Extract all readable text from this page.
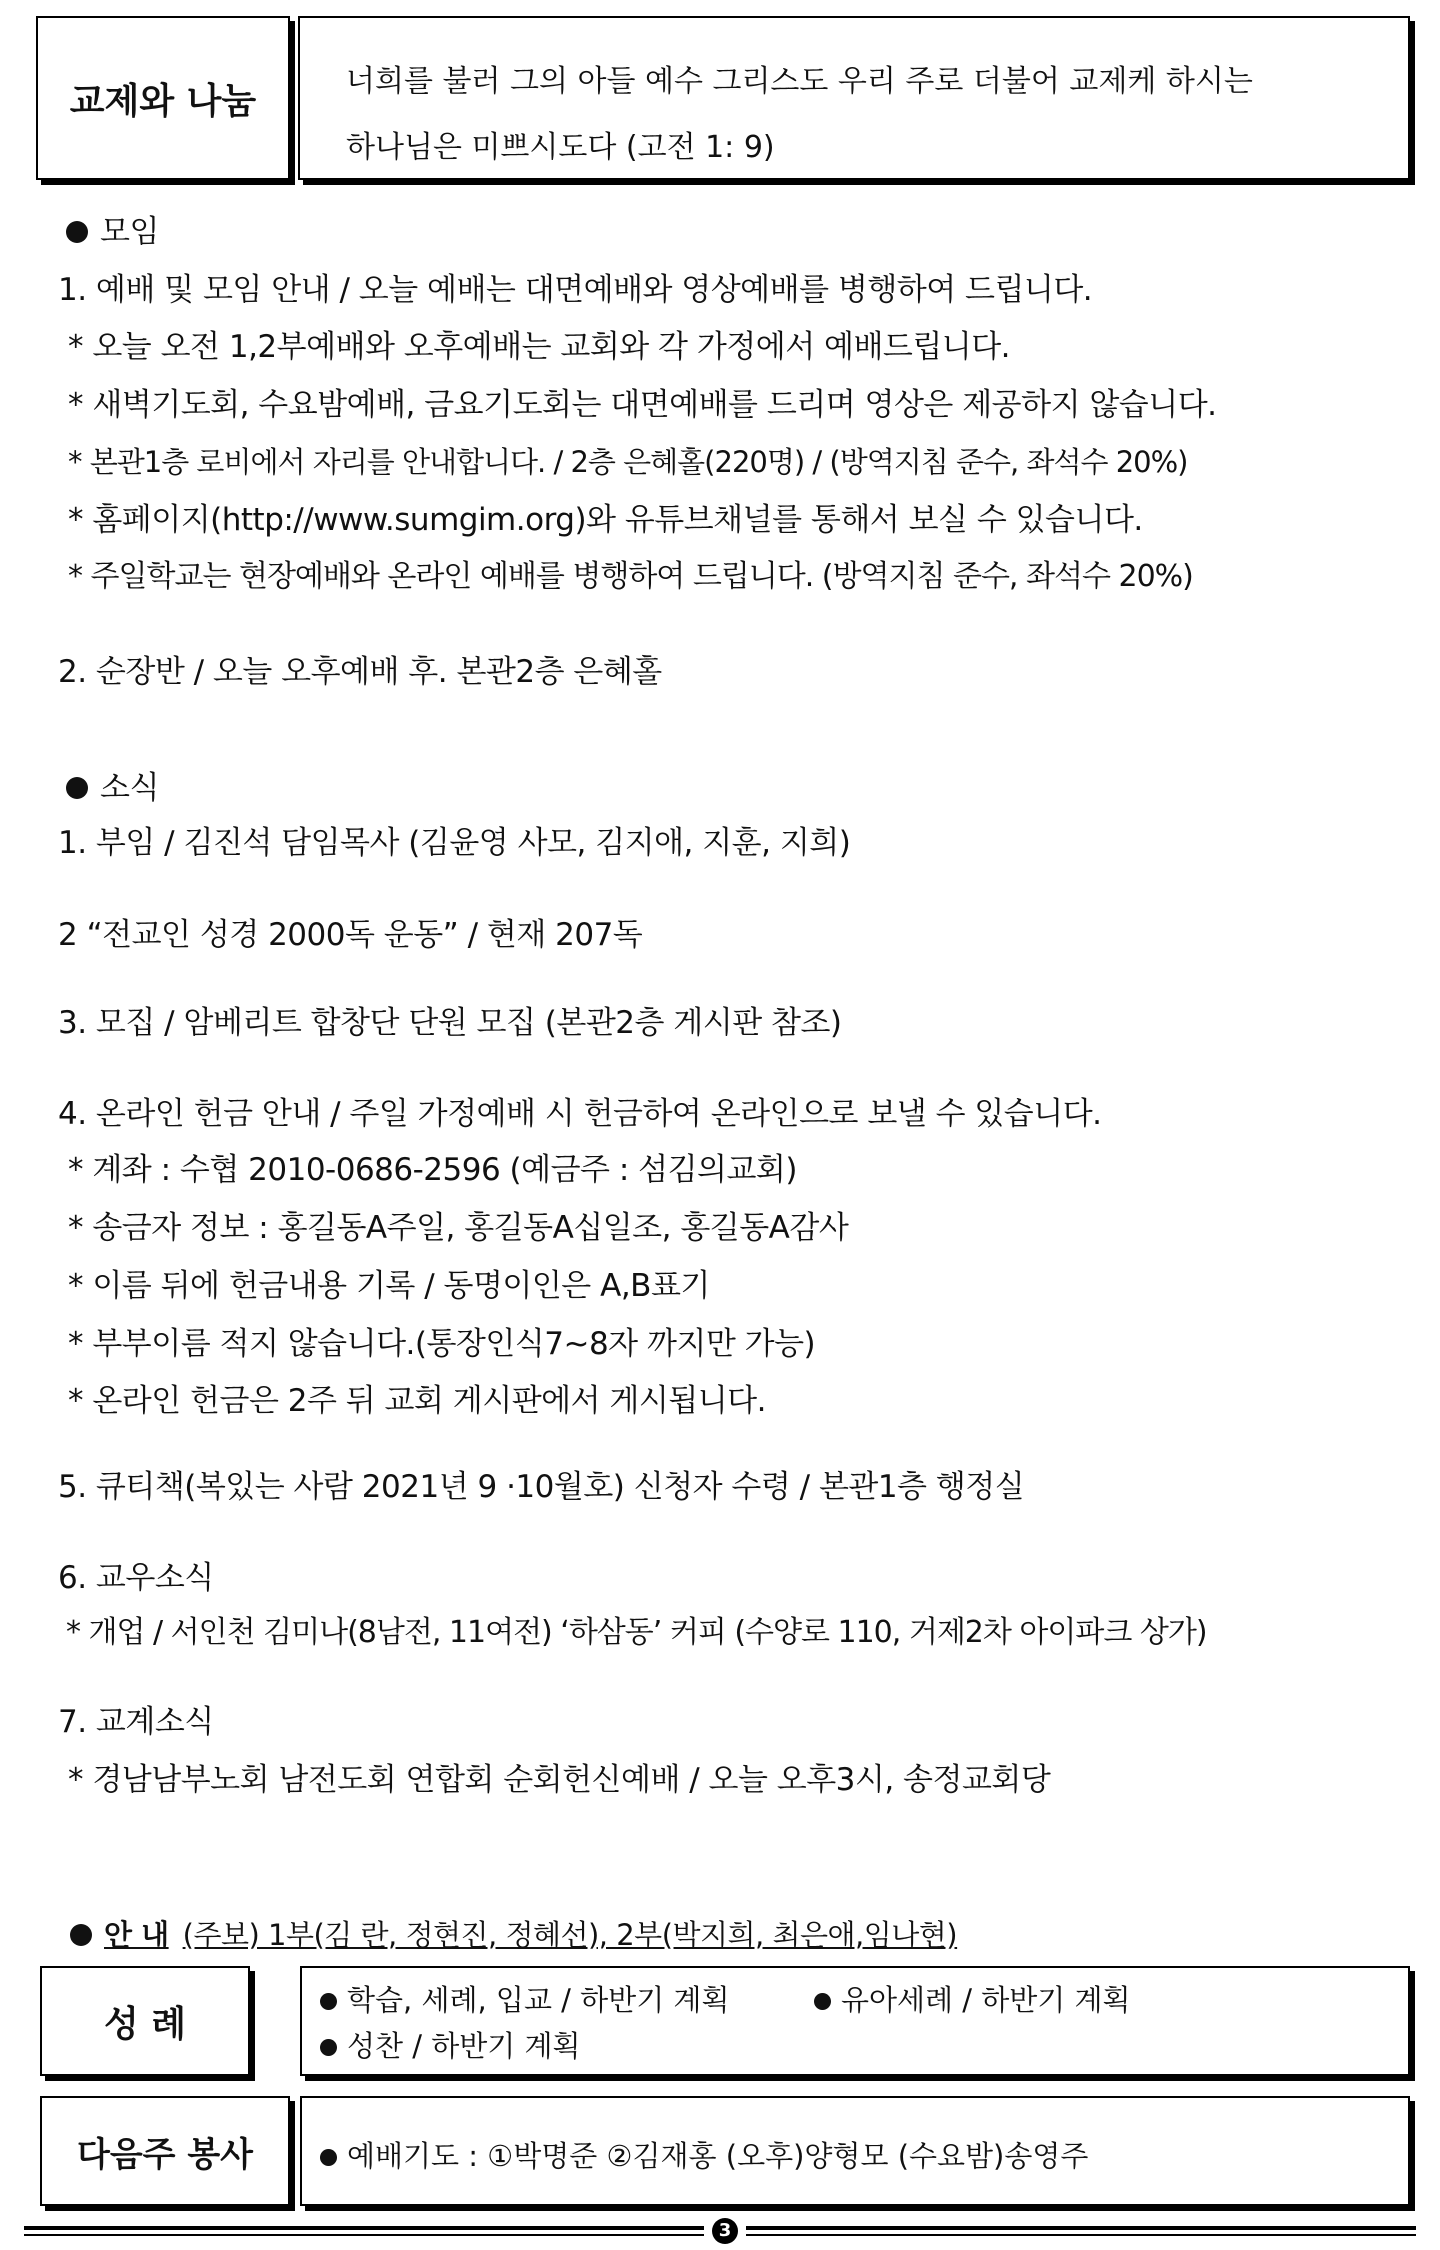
교제와 나눔	너희를 불러 그의 아들 예수 그리스도 우리 주로 더불어 교제케 하시는
하나님은 미쁘시도다 (고전 1: 9)
모임
1. 예배 및 모임 안내 / 오늘 예배는 대면예배와 영상예배를 병행하여 드립니다.
* 오늘 오전 1,2부예배와 오후예배는 교회와 각 가정에서 예배드립니다.
* 새벽기도회, 수요밤예배, 금요기도회는 대면예배를 드리며 영상은 제공하지 않습니다.
* 본관1층 로비에서 자리를 안내합니다. / 2층 은혜홀(220명) / (방역지침 준수, 좌석수 20%)
* 홈페이지(http://www.sumgim.org)와 유튜브채널를 통해서 보실 수 있습니다.
* 주일학교는 현장예배와 온라인 예배를 병행하여 드립니다. (방역지침 준수, 좌석수 20%)
2. 순장반 / 오늘 오후예배 후. 본관2층 은혜홀
소식
1. 부임 / 김진석 담임목사 (김윤영 사모, 김지애, 지훈, 지희)
2 “전교인 성경 2000독 운동” / 현재 207독
3. 모집 / 암베리트 합창단 단원 모집 (본관2층 게시판 참조)
4. 온라인 헌금 안내 / 주일 가정예배 시 헌금하여 온라인으로 보낼 수 있습니다.
* 계좌 : 수협 2010-0686-2596 (예금주 : 섬김의교회)
* 송금자 정보 : 홍길동A주일, 홍길동A십일조, 홍길동A감사
* 이름 뒤에 헌금내용 기록 / 동명이인은 A,B표기
* 부부이름 적지 않습니다.(통장인식7~8자 까지만 가능)
* 온라인 헌금은 2주 뒤 교회 게시판에서 게시됩니다.
5. 큐티책(복있는 사람 2021년 9 ·10월호) 신청자 수령 / 본관1층 행정실
6. 교우소식
* 개업 / 서인천 김미나(8남전, 11여전) ‘하삼동’ 커피 (수양로 110, 거제2차 아이파크 상가)
7. 교계소식
* 경남남부노회 남전도회 연합회 순회헌신예배 / 오늘 오후3시, 송정교회당
안 내 (주보) 1부(김 란, 정현진, 정혜선), 2부(박지희, 최은애,임나현)
성 례
학습, 세례, 입교 / 하반기 계획	유아세례 / 하반기 계획
성찬 / 하반기 계획
다음주 봉사	예배기도 : ①박명준 ②김재홍 (오후)양형모 (수요밤)송영주
3
